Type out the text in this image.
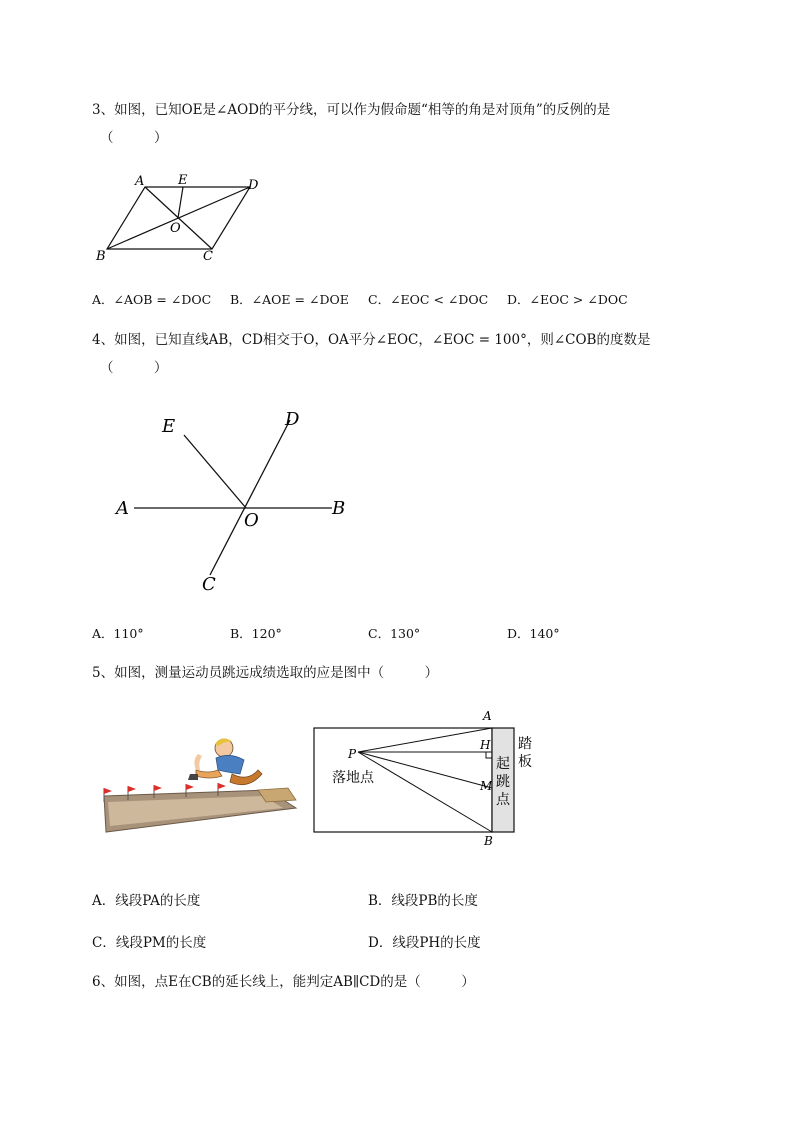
3、如图，已知OE是∠AOD的平分线，可以作为假命题“相等的角是对顶角”的反例的是
（　　　）
A	E	D
O
B	C
A．∠AOB = ∠DOC B．∠AOE = ∠DOE C．∠EOC < ∠DOC D．∠EOC > ∠DOC
4、如图，已知直线AB，CD相交于O，OA平分∠EOC，∠EOC = 100°，则∠COB的度数是
（　　　）
E	D
A
O
B
C
A．110°	B．120°	C．130°	D．140°
5、如图，测量运动员跳远成绩选取的应是图中（　　　）
A
P
H
M
B
落地点
起
跳
点
踏
板
A．线段PA的长度	B．线段PB的长度
C．线段PM的长度	D．线段PH的长度
6、如图，点E在CB的延长线上，能判定AB∥CD的是（　　　）
